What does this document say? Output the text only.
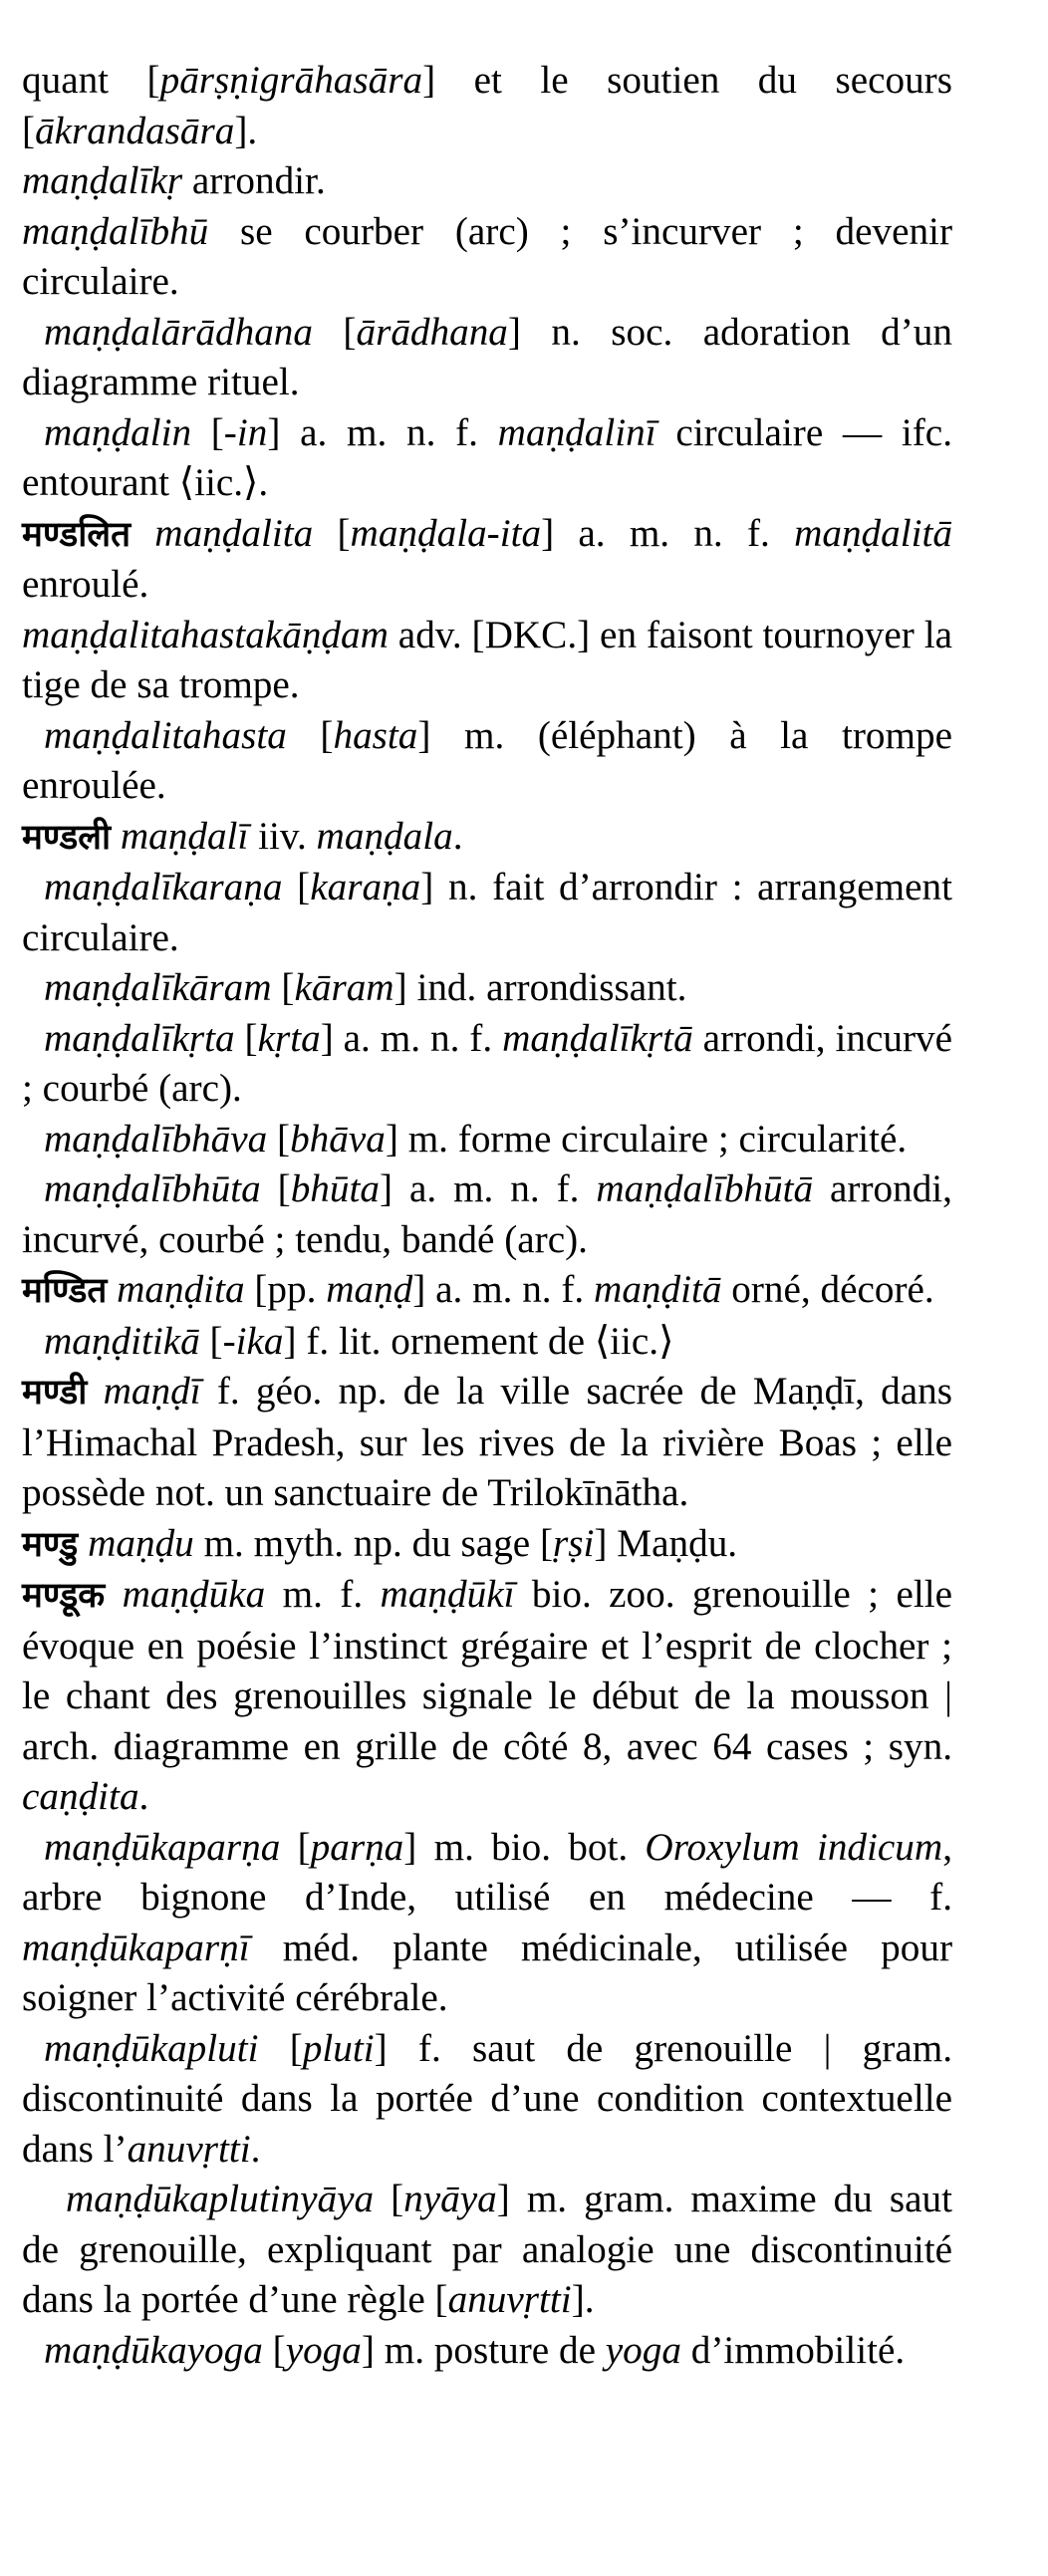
quant [pārṣṇigrāhasāra] et le soutien du secours [ākrandasāra].

maṇḍalīkṛ arrondir.

maṇḍalībhū se courber (arc) ; s’incurver ; devenir circulaire.

maṇḍalārādhana [ārādhana] n. soc. adoration d’un diagramme rituel.

maṇḍalin [-in] a. m. n. f. maṇḍalinī circulaire — ifc. entourant ⟨iic.⟩.

मण्डलित maṇḍalita [maṇḍala-ita] a. m. n. f. maṇḍalitā enroulé.

maṇḍalitahastakāṇḍam adv. [DKC.] en faisont tournoyer la tige de sa trompe.

maṇḍalitahasta [hasta] m. (éléphant) à la trompe enroulée.

मण्डली maṇḍalī iiv. maṇḍala.

maṇḍalīkaraṇa [karaṇa] n. fait d’arrondir : arrangement circulaire.

maṇḍalīkāram [kāram] ind. arrondissant.

maṇḍalīkṛta [kṛta] a. m. n. f. maṇḍalīkṛtā arrondi, incurvé ; courbé (arc).

maṇḍalībhāva [bhāva] m. forme circulaire ; circularité.

maṇḍalībhūta [bhūta] a. m. n. f. maṇḍalībhūtā arrondi, incurvé, courbé ; tendu, bandé (arc).

मण्डित maṇḍita [pp. maṇḍ] a. m. n. f. maṇḍitā orné, décoré.

maṇḍitikā [-ika] f. lit. ornement de ⟨iic.⟩

मण्डी maṇḍī f. géo. np. de la ville sacrée de Maṇḍī, dans l’Himachal Pradesh, sur les rives de la rivière Boas ; elle possède not. un sanctuaire de Trilokīnātha.

मण्डु maṇḍu m. myth. np. du sage [ṛṣi] Maṇḍu.

मण्डूक maṇḍūka m. f. maṇḍūkī bio. zoo. grenouille ; elle évoque en poésie l’instinct grégaire et l’esprit de clocher ; le chant des grenouilles signale le début de la mousson | arch. diagramme en grille de côté 8, avec 64 cases ; syn. caṇḍita.

maṇḍūkaparṇa [parṇa] m. bio. bot. Oroxylum indicum, arbre bignone d’Inde, utilisé en médecine — f. maṇḍūkaparṇī méd. plante médicinale, utilisée pour soigner l’activité cérébrale.

maṇḍūkapluti [pluti] f. saut de grenouille | gram. discontinuité dans la portée d’une condition contextuelle dans l’anuvṛtti.

maṇḍūkaplutinyāya [nyāya] m. gram. maxime du saut de grenouille, expliquant par analogie une discontinuité dans la portée d’une règle [anuvṛtti].

maṇḍūkayoga [yoga] m. posture de yoga d’immobilité.
